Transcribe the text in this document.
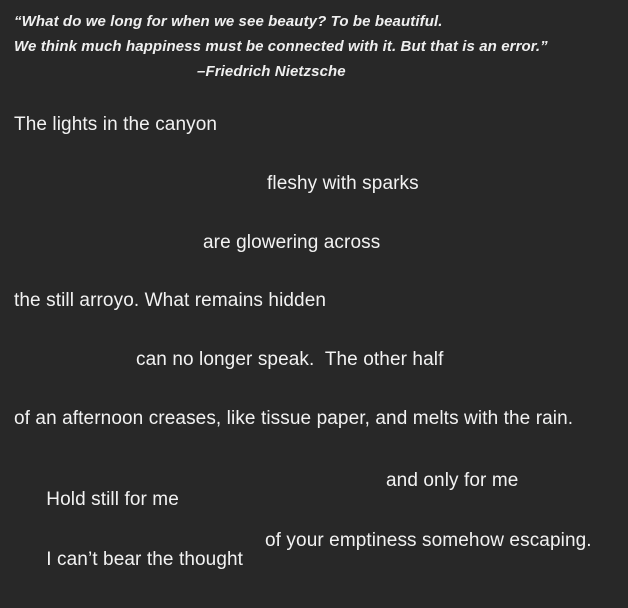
“What do we long for when we see beauty? To be beautiful.
We think much happiness must be connected with it. But that is an error.”
–Friedrich Nietzsche
The lights in the canyon
fleshy with sparks
are glowering across
the still arroyo. What remains hidden
can no longer speak.  The other half
of an afternoon creases, like tissue paper, and melts with the rain.

Hold still for me

and only for me

I can’t bear the thought

of your emptiness somehow escaping.
